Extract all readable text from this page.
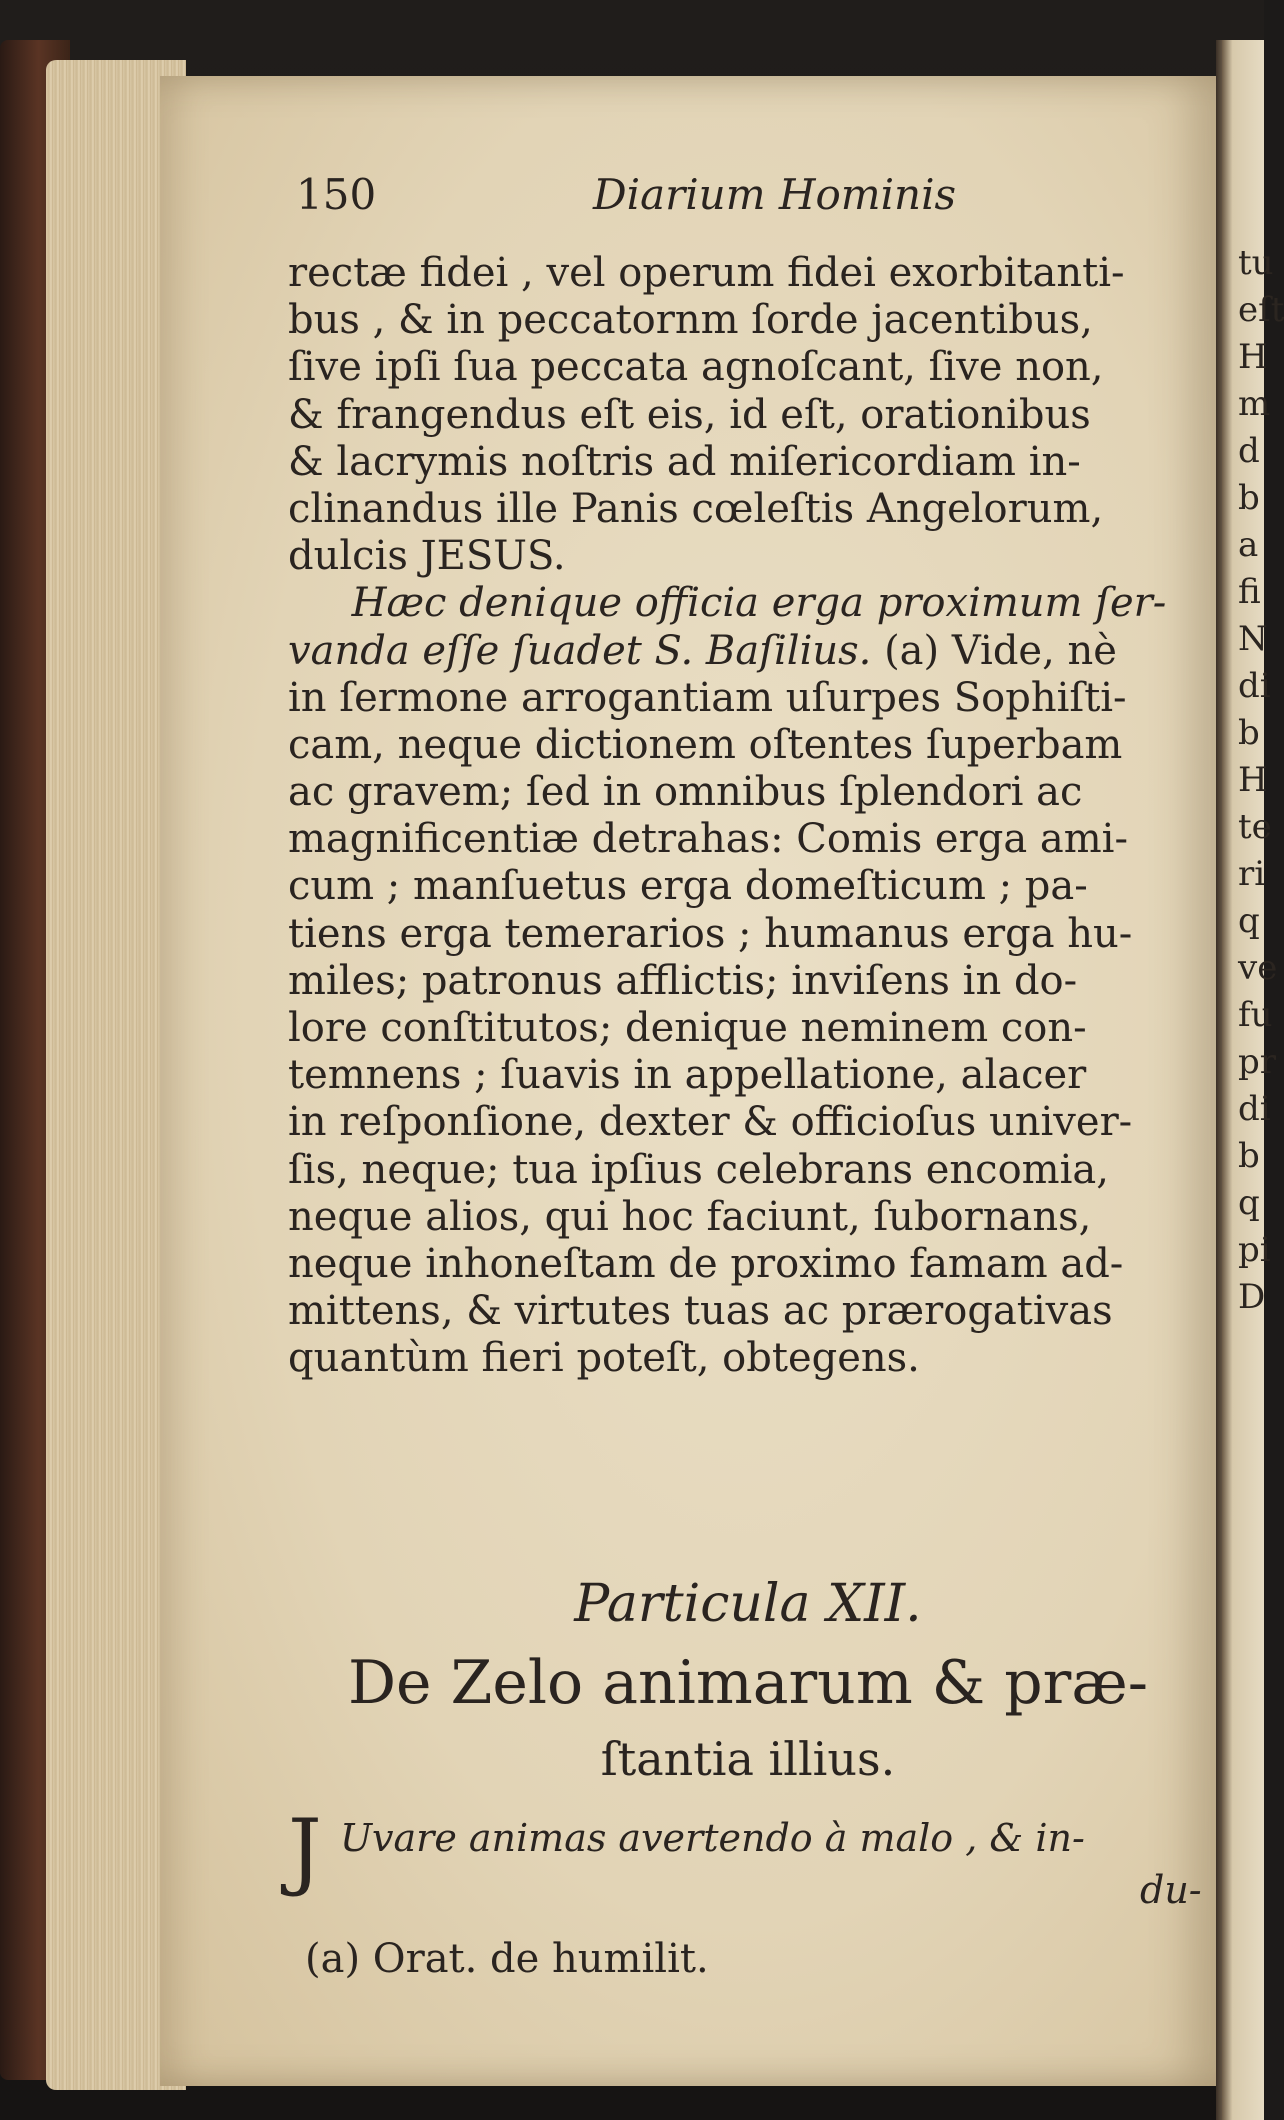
tu
eſt
H
m
d
b
a
fi
N
di
b
H
te
ri
q
ve
fu
pr
di
b
q
pi
D
150	Diarium Hominis
rectæ fidei , vel operum fidei exorbitanti-
bus , & in peccatornm ſorde jacentibus,
ſive ipſi ſua peccata agnoſcant, ſive non,
& frangendus eſt eis, id eſt, orationibus
& lacrymis noſtris ad miſericordiam in-
clinandus ille Panis cœleſtis Angelorum,
dulcis JESUS.
Hæc denique officia erga proximum ſer-
vanda eſſe ſuadet S. Baſilius. (a) Vide, nè
in ſermone arrogantiam uſurpes Sophiſti-
cam, neque dictionem oſtentes ſuperbam
ac gravem; ſed in omnibus ſplendori ac
magnificentiæ detrahas: Comis erga ami-
cum ; manſuetus erga domeſticum ; pa-
tiens erga temerarios ; humanus erga hu-
miles; patronus afflictis; inviſens in do-
lore conſtitutos; denique neminem con-
temnens ; ſuavis in appellatione, alacer
in reſponſione, dexter & officioſus univer-
ſis, neque; tua ipſius celebrans encomia,
neque alios, qui hoc faciunt, ſubornans,
neque inhoneſtam de proximo famam ad-
mittens, & virtutes tuas ac prærogativas
quantùm fieri poteſt, obtegens.
Particula XII.
De Zelo animarum & præ-
ſtantia illius.
J Uvare animas avertendo à malo , & in-
du-
(a) Orat. de humilit.
